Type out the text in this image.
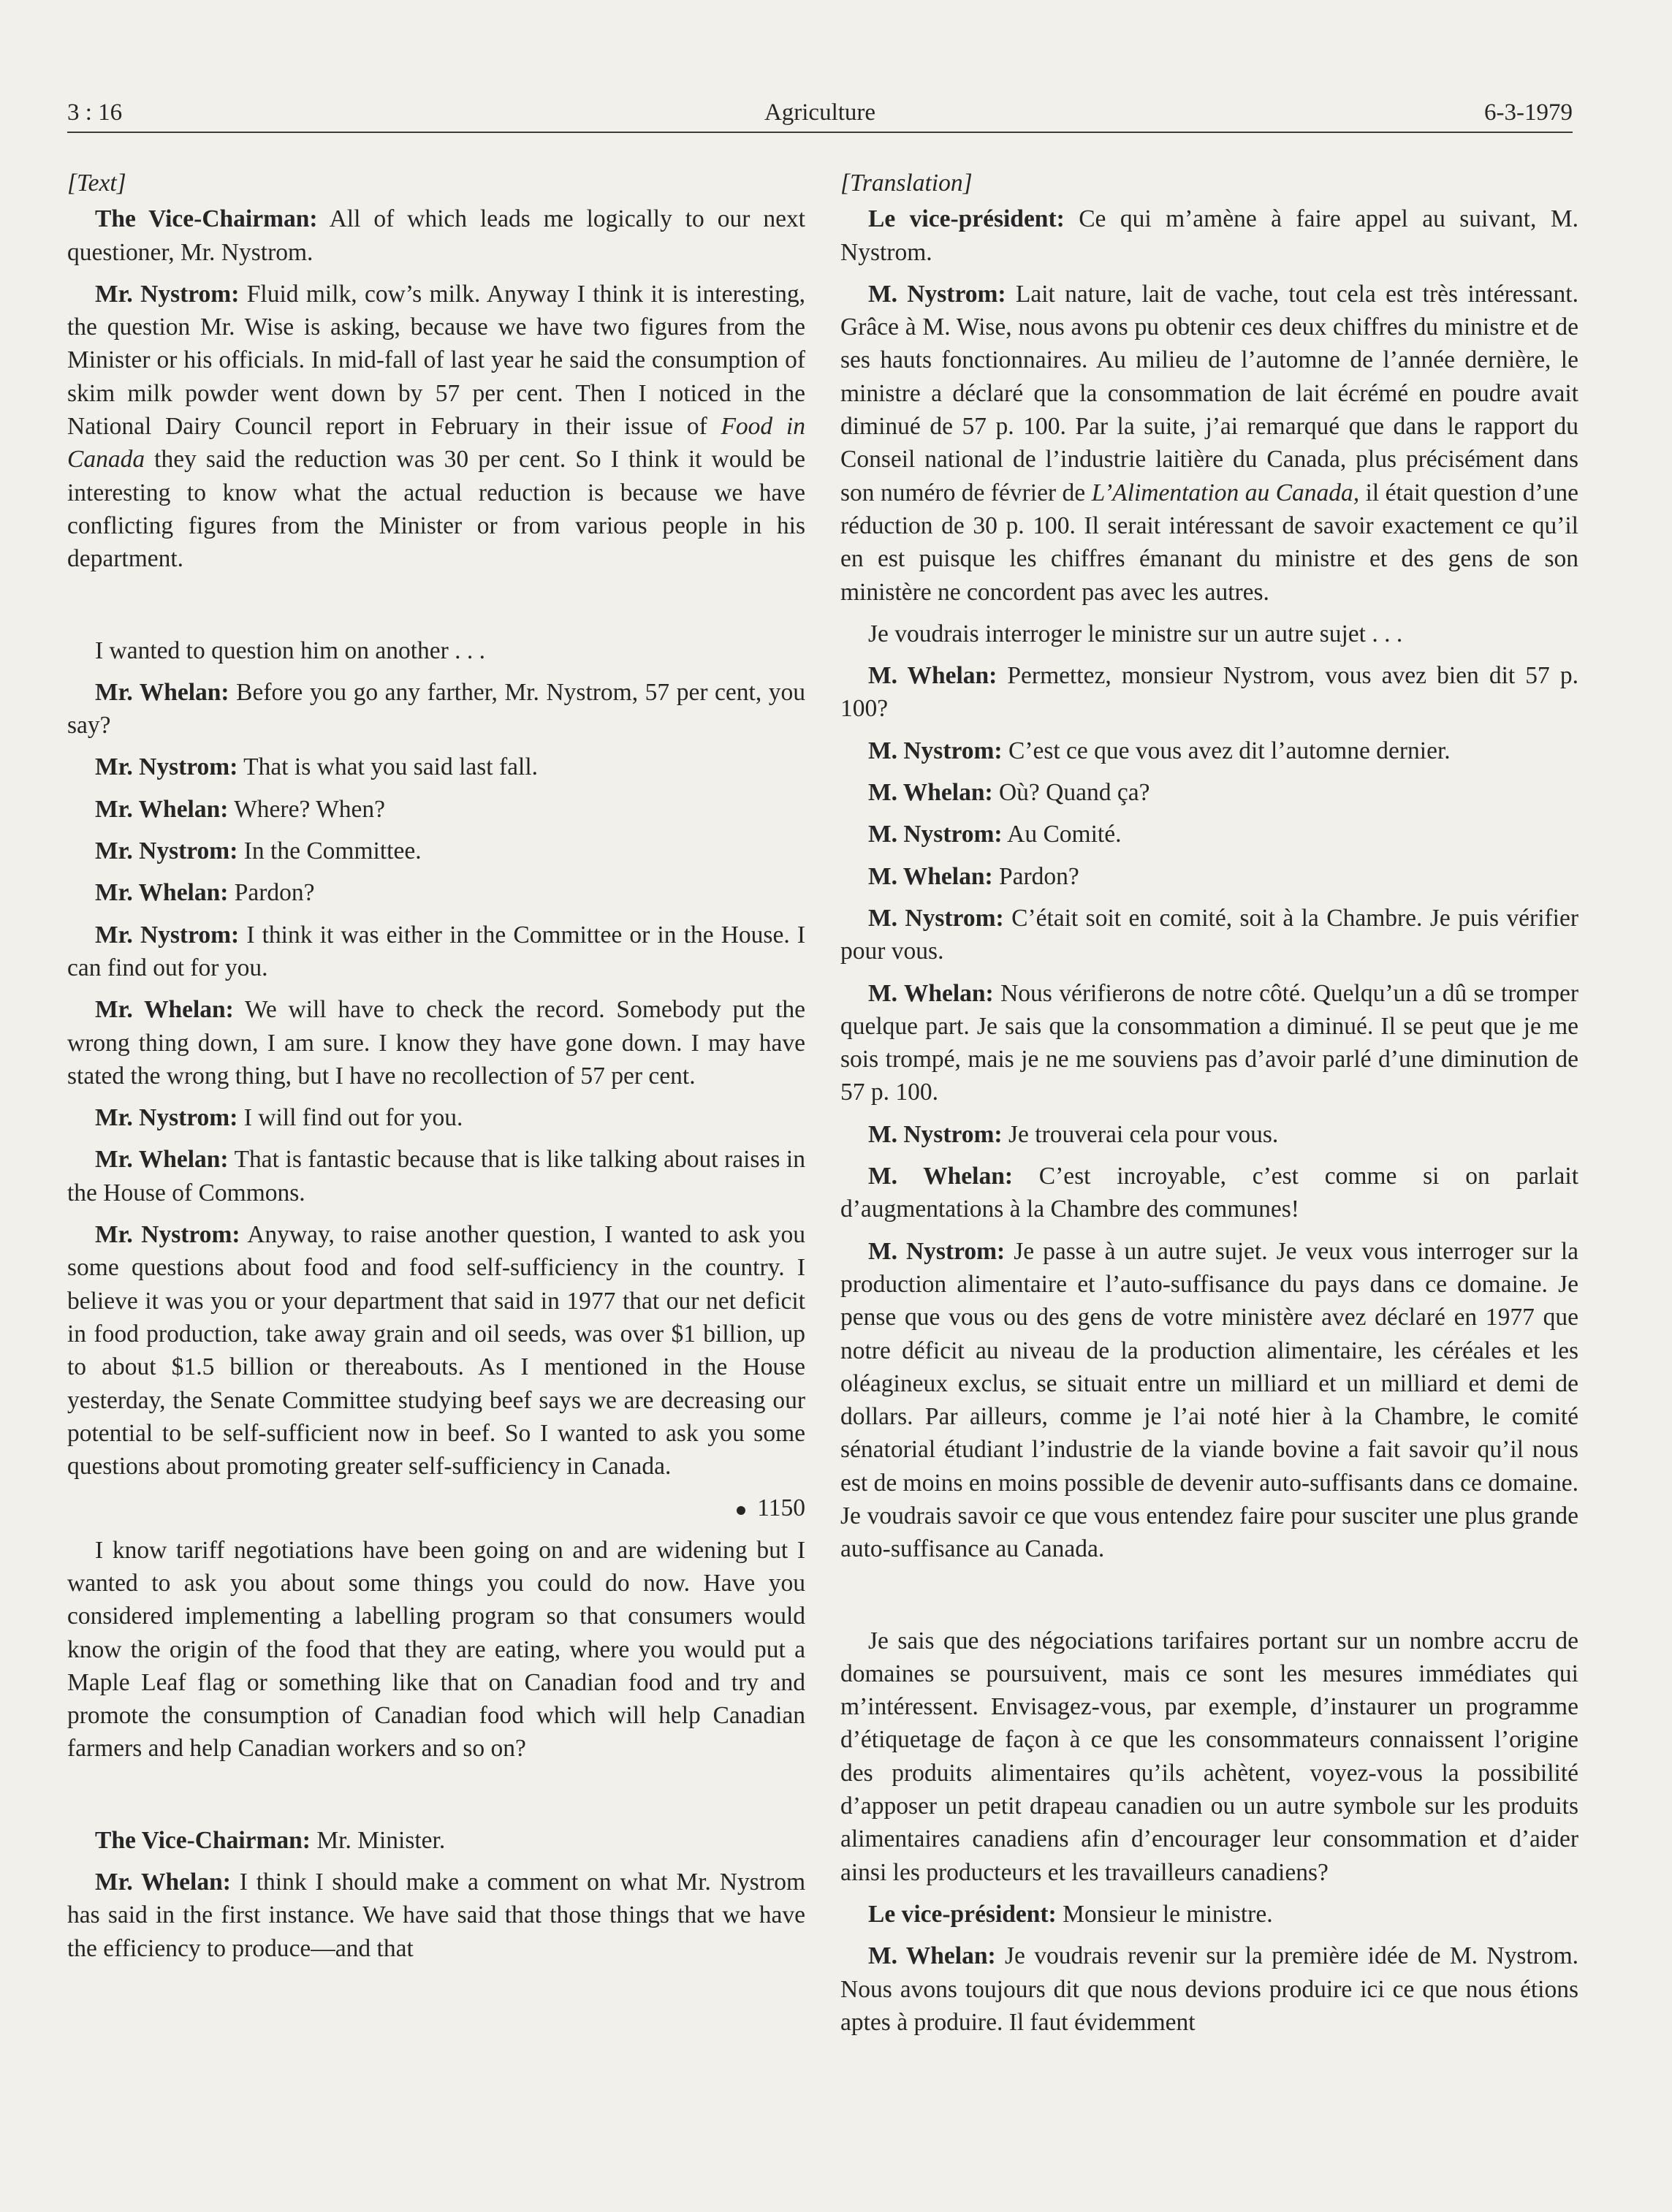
3 : 16	Agriculture	6-3-1979
[Text]

The Vice-Chairman: All of which leads me logically to our next questioner, Mr. Nystrom.

Mr. Nystrom: Fluid milk, cow’s milk. Anyway I think it is interesting, the question Mr. Wise is asking, because we have two figures from the Minister or his officials. In mid-fall of last year he said the consumption of skim milk powder went down by 57 per cent. Then I noticed in the National Dairy Council report in February in their issue of Food in Canada they said the reduction was 30 per cent. So I think it would be interesting to know what the actual reduction is because we have conflicting figures from the Minister or from various people in his department.

I wanted to question him on another . . .

Mr. Whelan: Before you go any farther, Mr. Nystrom, 57 per cent, you say?

Mr. Nystrom: That is what you said last fall.

Mr. Whelan: Where? When?

Mr. Nystrom: In the Committee.

Mr. Whelan: Pardon?

Mr. Nystrom: I think it was either in the Committee or in the House. I can find out for you.

Mr. Whelan: We will have to check the record. Somebody put the wrong thing down, I am sure. I know they have gone down. I may have stated the wrong thing, but I have no recollection of 57 per cent.

Mr. Nystrom: I will find out for you.

Mr. Whelan: That is fantastic because that is like talking about raises in the House of Commons.

Mr. Nystrom: Anyway, to raise another question, I wanted to ask you some questions about food and food self-sufficiency in the country. I believe it was you or your department that said in 1977 that our net deficit in food production, take away grain and oil seeds, was over $1 billion, up to about $1.5 billion or thereabouts. As I mentioned in the House yesterday, the Senate Committee studying beef says we are decreasing our potential to be self-sufficient now in beef. So I wanted to ask you some questions about promoting greater self-sufficiency in Canada.

1150

I know tariff negotiations have been going on and are widening but I wanted to ask you about some things you could do now. Have you considered implementing a labelling program so that consumers would know the origin of the food that they are eating, where you would put a Maple Leaf flag or something like that on Canadian food and try and promote the consumption of Canadian food which will help Canadian farmers and help Canadian workers and so on?

The Vice-Chairman: Mr. Minister.

Mr. Whelan: I think I should make a comment on what Mr. Nystrom has said in the first instance. We have said that those things that we have the efficiency to produce—and that

[Translation]

Le vice-président: Ce qui m’amène à faire appel au suivant, M. Nystrom.

M. Nystrom: Lait nature, lait de vache, tout cela est très intéressant. Grâce à M. Wise, nous avons pu obtenir ces deux chiffres du ministre et de ses hauts fonctionnaires. Au milieu de l’automne de l’année dernière, le ministre a déclaré que la consommation de lait écrémé en poudre avait diminué de 57 p. 100. Par la suite, j’ai remarqué que dans le rapport du Conseil national de l’industrie laitière du Canada, plus précisément dans son numéro de février de L’Alimentation au Canada, il était question d’une réduction de 30 p. 100. Il serait intéressant de savoir exactement ce qu’il en est puisque les chiffres émanant du ministre et des gens de son ministère ne concordent pas avec les autres.

Je voudrais interroger le ministre sur un autre sujet . . .

M. Whelan: Permettez, monsieur Nystrom, vous avez bien dit 57 p. 100?

M. Nystrom: C’est ce que vous avez dit l’automne dernier.

M. Whelan: Où? Quand ça?

M. Nystrom: Au Comité.

M. Whelan: Pardon?

M. Nystrom: C’était soit en comité, soit à la Chambre. Je puis vérifier pour vous.

M. Whelan: Nous vérifierons de notre côté. Quelqu’un a dû se tromper quelque part. Je sais que la consommation a diminué. Il se peut que je me sois trompé, mais je ne me souviens pas d’avoir parlé d’une diminution de 57 p. 100.

M. Nystrom: Je trouverai cela pour vous.

M. Whelan: C’est incroyable, c’est comme si on parlait d’augmentations à la Chambre des communes!

M. Nystrom: Je passe à un autre sujet. Je veux vous interroger sur la production alimentaire et l’auto-suffisance du pays dans ce domaine. Je pense que vous ou des gens de votre ministère avez déclaré en 1977 que notre déficit au niveau de la production alimentaire, les céréales et les oléagineux exclus, se situait entre un milliard et un milliard et demi de dollars. Par ailleurs, comme je l’ai noté hier à la Chambre, le comité sénatorial étudiant l’industrie de la viande bovine a fait savoir qu’il nous est de moins en moins possible de devenir auto-suffisants dans ce domaine. Je voudrais savoir ce que vous entendez faire pour susciter une plus grande auto-suffisance au Canada.

Je sais que des négociations tarifaires portant sur un nombre accru de domaines se poursuivent, mais ce sont les mesures immédiates qui m’intéressent. Envisagez-vous, par exemple, d’instaurer un programme d’étiquetage de façon à ce que les consommateurs connaissent l’origine des produits alimentaires qu’ils achètent, voyez-vous la possibilité d’apposer un petit drapeau canadien ou un autre symbole sur les produits alimentaires canadiens afin d’encourager leur consommation et d’aider ainsi les producteurs et les travailleurs canadiens?

Le vice-président: Monsieur le ministre.

M. Whelan: Je voudrais revenir sur la première idée de M. Nystrom. Nous avons toujours dit que nous devions produire ici ce que nous étions aptes à produire. Il faut évidemment
